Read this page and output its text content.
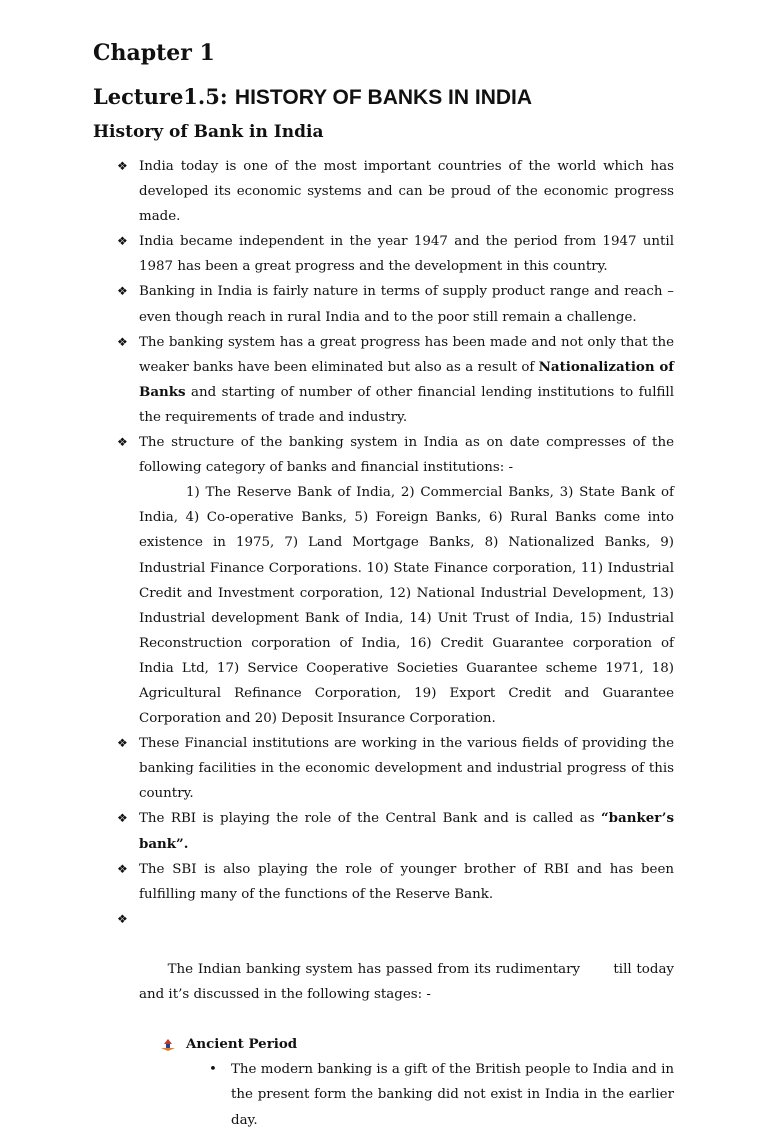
Chapter 1
Lecture1.5: HISTORY OF BANKS IN INDIA
History of Bank in India
❖ India today is one of the most important countries of the world which has developed its economic systems and can be proud of the economic progress made.
❖ India became independent in the year 1947 and the period from 1947 until 1987 has been a great progress and the development in this country.
❖ Banking in India is fairly nature in terms of supply product range and reach – even though reach in rural India and to the poor still remain a challenge.
❖ The banking system has a great progress has been made and not only that the weaker banks have been eliminated but also as a result of Nationalization of Banks and starting of number of other financial lending institutions to fulfill the requirements of trade and industry.
❖ The structure of the banking system in India as on date compresses of the following category of banks and financial institutions: -
1) The Reserve Bank of India, 2) Commercial Banks, 3) State Bank of India, 4) Co-operative Banks, 5) Foreign Banks, 6) Rural Banks come into existence in 1975, 7) Land Mortgage Banks, 8) Nationalized Banks, 9) Industrial Finance Corporations. 10) State Finance corporation, 11) Industrial Credit and Investment corporation, 12) National Industrial Development, 13) Industrial development Bank of India, 14) Unit Trust of India, 15) Industrial Reconstruction corporation of India, 16) Credit Guarantee corporation of India Ltd, 17) Service Cooperative Societies Guarantee scheme 1971, 18) Agricultural Refinance Corporation, 19) Export Credit and Guarantee Corporation and 20) Deposit Insurance Corporation.
❖ These Financial institutions are working in the various fields of providing the banking facilities in the economic development and industrial progress of this country.
❖ The RBI is playing the role of the Central Bank and is called as “banker’s bank”.
❖ The SBI is also playing the role of younger brother of RBI and has been fulfilling many of the functions of the Reserve Bank.

❖

The Indian banking system has passed from its rudimentary       till today and it’s discussed in the following stages: -

Ancient Period
• The modern banking is a gift of the British people to India and in the present form the banking did not exist in India in the earlier day.
